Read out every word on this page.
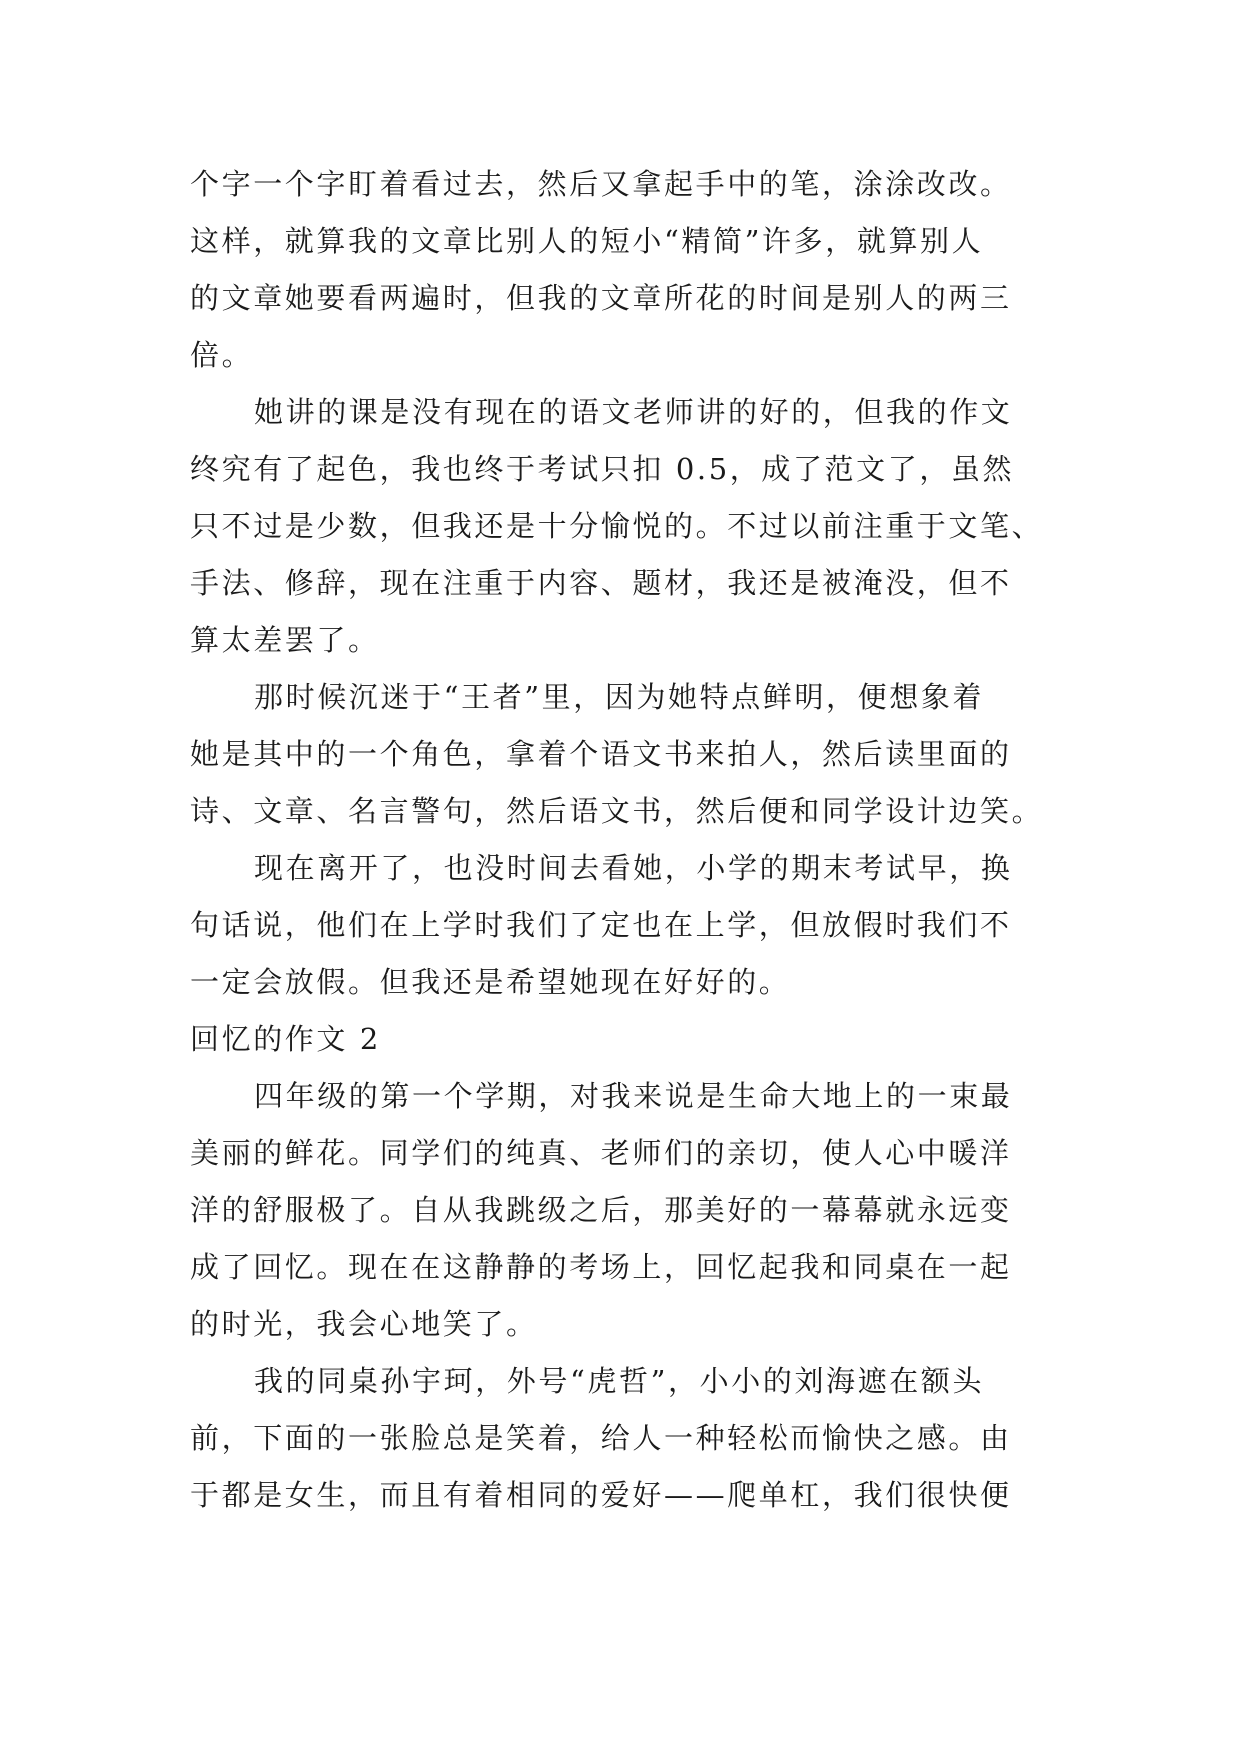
个字一个字盯着看过去，然后又拿起手中的笔，涂涂改改。
这样，就算我的文章比别人的短小“精简”许多，就算别人
的文章她要看两遍时，但我的文章所花的时间是别人的两三
倍。
她讲的课是没有现在的语文老师讲的好的，但我的作文
终究有了起色，我也终于考试只扣 0.5，成了范文了，虽然
只不过是少数，但我还是十分愉悦的。不过以前注重于文笔、
手法、修辞，现在注重于内容、题材，我还是被淹没，但不
算太差罢了。
那时候沉迷于“王者”里，因为她特点鲜明，便想象着
她是其中的一个角色，拿着个语文书来拍人，然后读里面的
诗、文章、名言警句，然后语文书，然后便和同学设计边笑。
现在离开了，也没时间去看她，小学的期末考试早，换
句话说，他们在上学时我们了定也在上学，但放假时我们不
一定会放假。但我还是希望她现在好好的。
回忆的作文 2
四年级的第一个学期，对我来说是生命大地上的一束最
美丽的鲜花。同学们的纯真、老师们的亲切，使人心中暖洋
洋的舒服极了。自从我跳级之后，那美好的一幕幕就永远变
成了回忆。现在在这静静的考场上，回忆起我和同桌在一起
的时光，我会心地笑了。
我的同桌孙宇珂，外号“虎哲”，小小的刘海遮在额头
前，下面的一张脸总是笑着，给人一种轻松而愉快之感。由
于都是女生，而且有着相同的爱好——爬单杠，我们很快便
